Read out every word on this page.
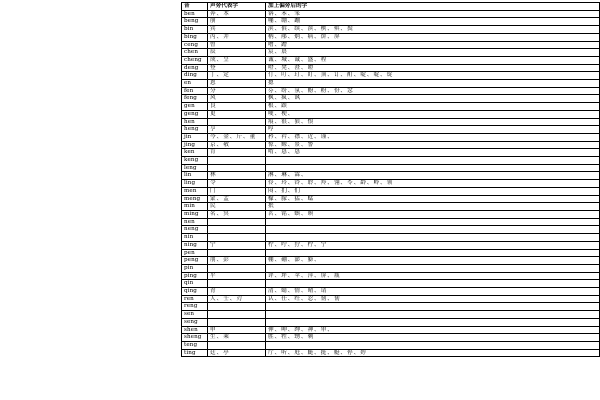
音	声旁代表字	加上偏旁后的字
ben	奔、本	锛、苯、笨
beng	崩	嘣、绷、蹦
bin	宾	滨、傧、缤、滨、槟、殡、鬓
bing	丙、并	柄、邴、炳、病、饼、屏
ceng	曾	噌、蹭
chen	辰	宸、晨
cheng	成、呈	诚、城、诚、盛、程
deng	登	噔、凳、澄、瞪
ding	丁、定	仃、叮、玎、盯、顶、订、酊、啶、啶、锭
en	恩	摁
fen	分	芬、纷、氛、酚、粉、份、忿
feng	风	枫、疯、讽
gen	艮	根、跟
geng	更	哽、梗、
hen		痕、很、狠、恨
heng	亨	哼
jin	今、金、斤、董	矜、衿、襟、近、谨、
jing	京、敬	惊、鲸、景、警
ken	肯	啃、恳、恳
keng		
leng		
lin	林	淋、琳、霖、
ling	令	伶、玲、铃、聆、羚、翎、苓、龄、岭、领
men	门	闷、扪、们
meng	蒙、孟	檬、朦、猛、蜢
min	民	抿
ming	名、冥	茗、铭、螟、暝
nen		
neng		
nin		
ning	宁	柠、咛、狞、柠、宁
pen		
peng	朋、彭	棚、硼、澎、膨、
pin		
ping	平	评、坪、苹、萍、屏、瓶
qin		
qing	青	清、蜻、情、晴、请
ren	人、壬、刃	认、任、纴、忍、韧、韧
reng		
sen		
seng		
shen	申	伸、呻、绅、神、审、
sheng	生、乘	胜、牲、甥、剩
teng		
ting	廷、亭	厅、听、庭、蜓、挺、艇、停、婷
